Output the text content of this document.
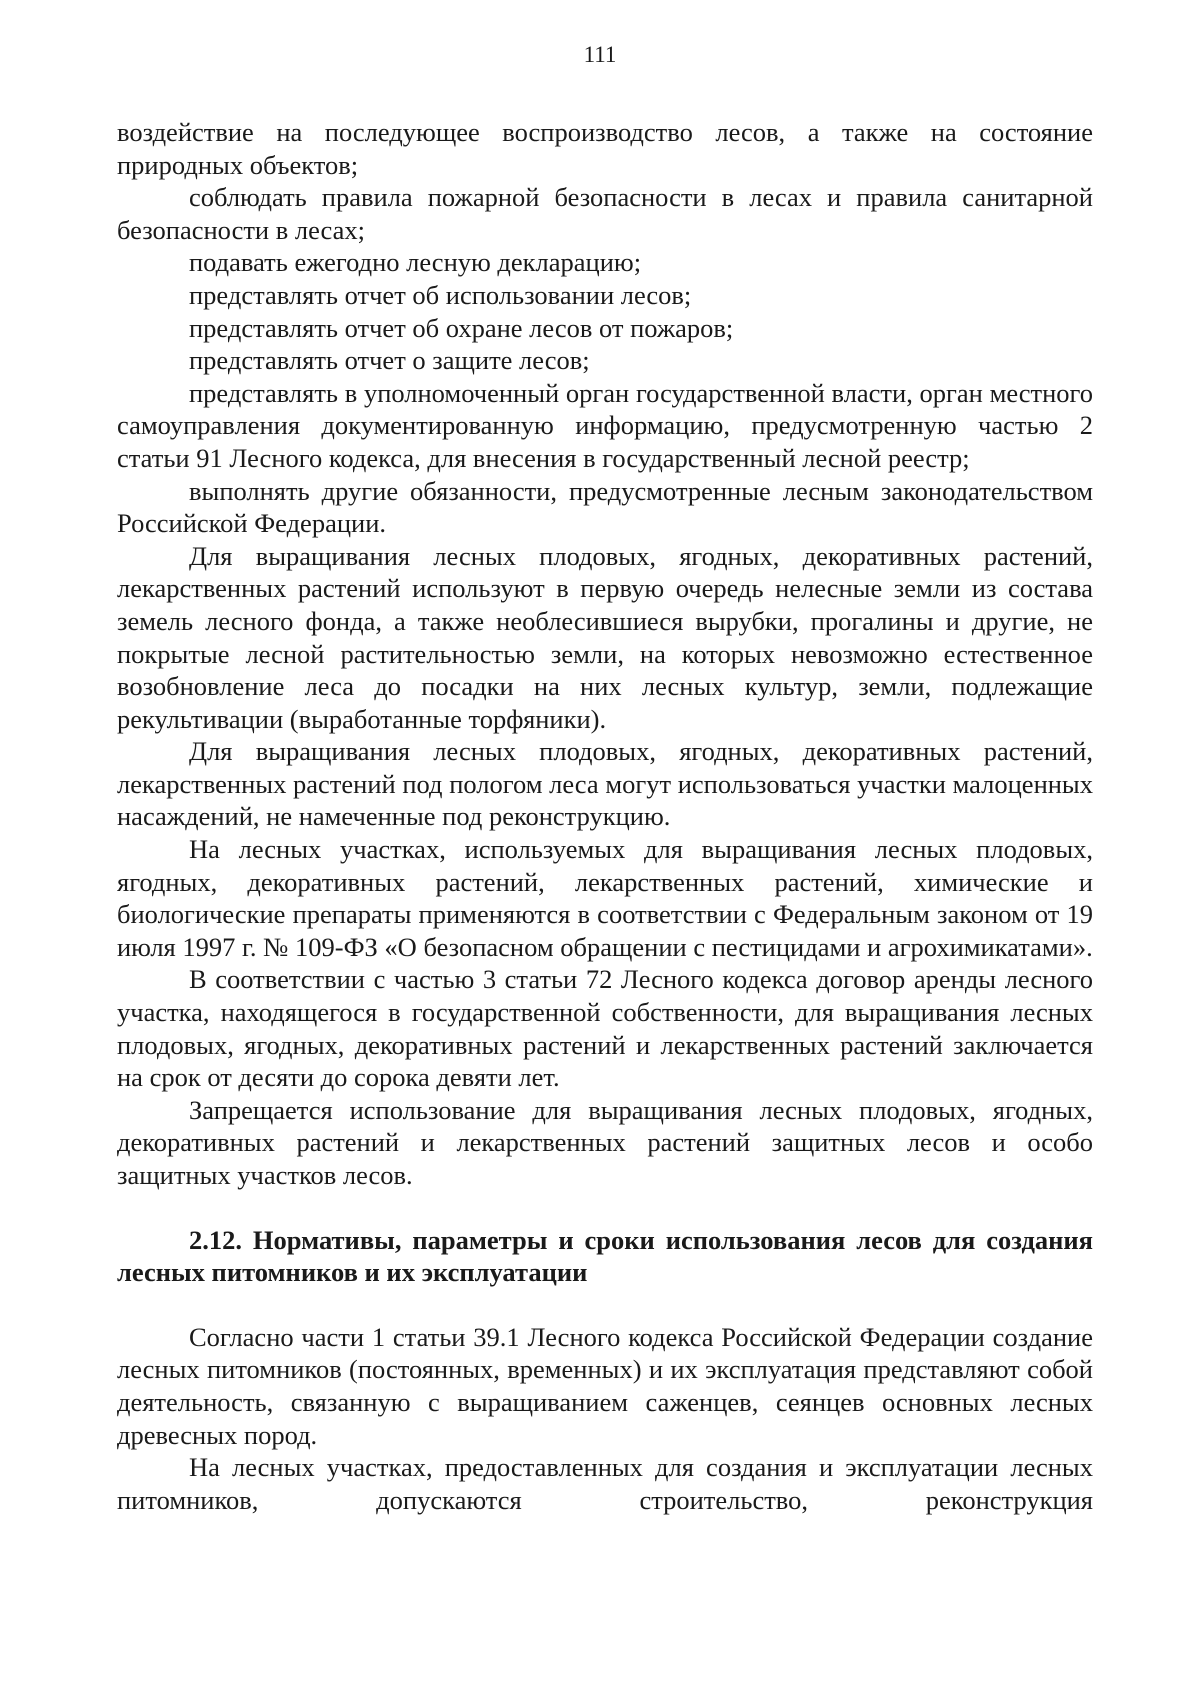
111

воздействие на последующее воспроизводство лесов, а также на состояние природных объектов;

соблюдать правила пожарной безопасности в лесах и правила санитарной безопасности в лесах;

подавать ежегодно лесную декларацию;

представлять отчет об использовании лесов;

представлять отчет об охране лесов от пожаров;

представлять отчет о защите лесов;

представлять в уполномоченный орган государственной власти, орган местного самоуправления документированную информацию, предусмотренную частью 2 статьи 91 Лесного кодекса, для внесения в государственный лесной реестр;

выполнять другие обязанности, предусмотренные лесным законодательством Российской Федерации.

Для выращивания лесных плодовых, ягодных, декоративных растений, лекарственных растений используют в первую очередь нелесные земли из состава земель лесного фонда, а также необлесившиеся вырубки, прогалины и другие, не покрытые лесной растительностью земли, на которых невозможно естественное возобновление леса до посадки на них лесных культур, земли, подлежащие рекультивации (выработанные торфяники).

Для выращивания лесных плодовых, ягодных, декоративных растений, лекарственных растений под пологом леса могут использоваться участки малоценных насаждений, не намеченные под реконструкцию.

На лесных участках, используемых для выращивания лесных плодовых, ягодных, декоративных растений, лекарственных растений, химические и биологические препараты применяются в соответствии с Федеральным законом от 19 июля 1997 г. № 109-ФЗ «О безопасном обращении с пестицидами и агрохимикатами».

В соответствии с частью 3 статьи 72 Лесного кодекса договор аренды лесного участка, находящегося в государственной собственности, для выращивания лесных плодовых, ягодных, декоративных растений и лекарственных растений заключается на срок от десяти до сорока девяти лет.

Запрещается использование для выращивания лесных плодовых, ягодных, декоративных растений и лекарственных растений защитных лесов и особо защитных участков лесов.

2.12. Нормативы, параметры и сроки использования лесов для создания лесных питомников и их эксплуатации

Согласно части 1 статьи 39.1 Лесного кодекса Российской Федерации создание лесных питомников (постоянных, временных) и их эксплуатация представляют собой деятельность, связанную с выращиванием саженцев, сеянцев основных лесных древесных пород.

На лесных участках, предоставленных для создания и эксплуатации лесных питомников, допускаются строительство, реконструкция
